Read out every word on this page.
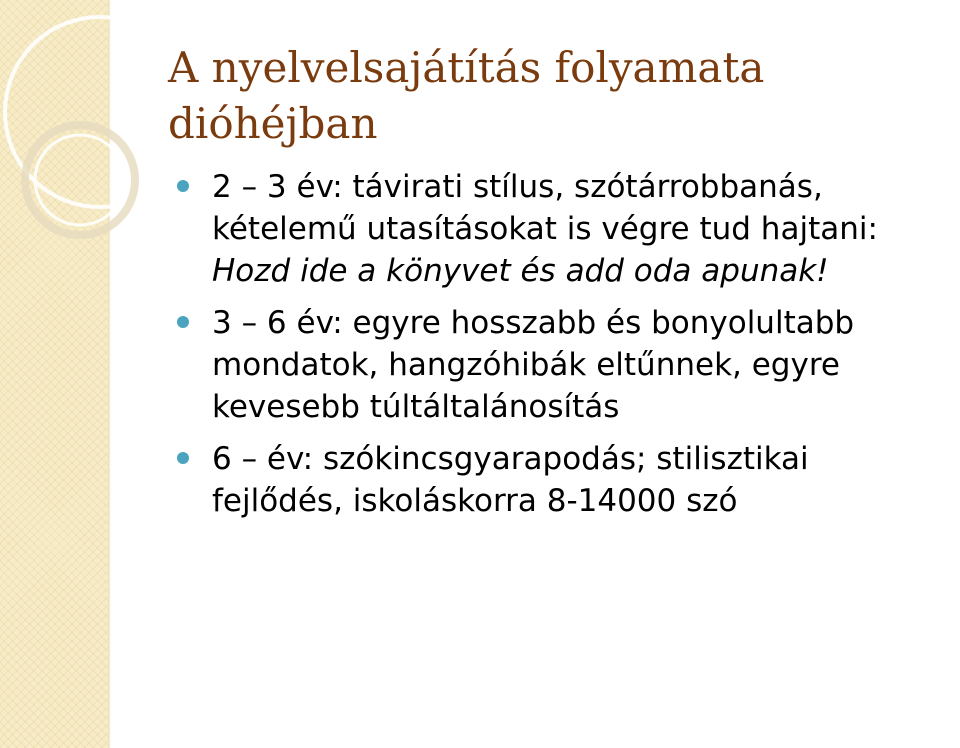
A nyelvelsajátítás folyamata dióhéjban
2 – 3 év: távirati stílus, szótárrobbanás, kételemű utasításokat is végre tud hajtani: Hozd ide a könyvet és add oda apunak!
3 – 6 év: egyre hosszabb és bonyolultabb mondatok, hangzóhibák eltűnnek, egyre kevesebb túltáltalánosítás
6 – év: szókincsgyarapodás; stilisztikai fejlődés, iskoláskorra 8-14000 szó
